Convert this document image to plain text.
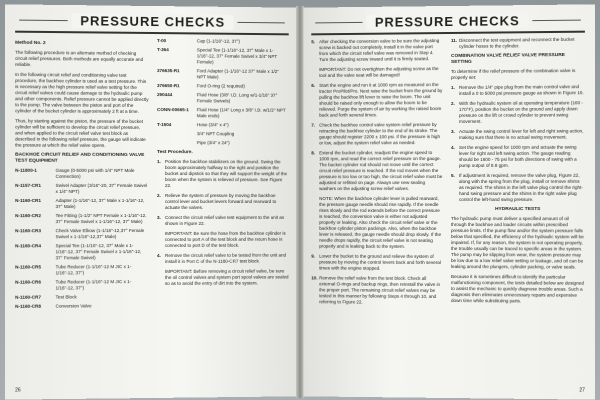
PRESSURE CHECKS
Method No. 2

The following procedure is an alternate method of checking circuit relief pressures. Both methods are equally accurate and reliable.

In the following circuit relief and conditioning valve test procedure, the backhoe cylinder is used as a test pressure. This is necessary as the high pressure relief valve setting for the circuit relief valves could cause damage to the hydraulic pump and other components. Relief pressure cannot be applied directly to the pump. The valve between the piston and port of the cylinder of the bucket cylinder is approximately 2 ft at a time.

Thus, by starting against the piston, the pressure of the bucket cylinder will be sufficient to develop the circuit relief pressure, and when applied to the circuit relief valve test block as described in the following relief pressure, the gauge will indicate the pressure at which the relief valve opens.

BACKHOE CIRCUIT RELIEF AND CONDITIONING VALVE TEST EQUIPMENT
N-11800-1	Gauge (0-5000 psi with 1/4" NPT Male Connection)
N-1157-CR1	Swivel Adapter (3/16"-20, 37° Female Swivel x 1/4" NPT)
N-1160-CR1	Adapter (1-1/16"-12, 37° Male x 1-1/16"-12, 37° Male)
N-1160-CR2	Tee Fitting (1-1/2" NPT Female x 1-1/16"-12, 37° Female Swivel x 1-1/16"-12, 37° Male)
N-1160-CR3	Check Valve Elbow (1-1/16"-12,37° Female Swivel x 1-1/16"-12,37° Male)
N-1160-CR4	Special Tee (1-1/16"-12, 37° Male x 1-1/16"-12, 37° Female Swivel x 1-1/16"-12, 37° Female Swivel)
N-1160-CR5	Tube Reducer (1-1/16"-12 M JIC x 1-1/16"-12, 37°)
N-1160-CR6	Tube Reducer (1-1/16"-12 M JIC x 1-1/16"-12, 37°)
N-1160-CR7	Test Block
N-1160-CR8	Conversion Valve
T-00	Cap (1-1/16"-12, 37°)
T-364	Special Tee (1-1/16"-12, 37° Male x 1-1/16"-12, 37° Female Swivel x 3/4" NPT Female)
376635-R1	Ford Adapter (1-1/16"-12 37° Male x 1/2" NPT Male)
376650-R1	Ford O-ring (2 required)
290444	Fluid Hose (3/8" I.D. Long w/1-1/16" 37° Female Swivels)
CONN-00665-1	Fluid Hose (1/4" Long x 3/8" I.D. w/1/2" NPT Male ends)
T-1504	Hose (3/4" x 4")
3/4" NPT Coupling
Pipe (3/4" x 24")
Test Procedure.
1. Position the backhoe stabilizers on the ground. Swing the boom approximately halfway to the right and position the bucket and dipstick so that they will support the weight of the boom when the system is relieved of pressure. See Figure 22.
2. Relieve the system of pressure by moving the backhoe control lever and bucket levers forward and rearward to actuate the valves.
3. Connect the circuit relief valve test equipment to the unit as shown in Figure 22.
IMPORTANT: Be sure the hose from the backhoe cylinder is connected to port A of the test block and the return hose is connected to port D of the test block.
4. Remove the circuit relief valve to be tested from the unit and install it in Port C of the N-1160-CR7 test block.
IMPORTANT: Before removing a circuit relief valve, be sure the oil control valves and system port spool valves are sealed so as to avoid the entry of dirt into the system.
26
PRESSURE CHECKS
5. After checking the conversion valve to be sure the adjusting screw is backed out completely, install it in the valve port from which the circuit relief valve was removed in Step 4. Turn the adjusting screw inward until it is firmly seated.
IMPORTANT: Do not overtighten the adjusting screw as the tool and the valve seat will be damaged!
6. Start the engine and run it at 1000 rpm as measured on the tractor ProPilot/Pro. Next raise the bucket from the ground by pulling the backhoe lift lever to raise the boom. The unit should be raised only enough to allow the boom to be relieved. Purge the system of air by working the raised boom back and forth several times.
7. Check the backhoe control valve system relief pressure by retracting the backhoe cylinder to the end of its stroke. The gauge should register 2200 ± 100 psi. If the pressure is high or low, adjust the system relief valve as needed.
8. Extend the bucket cylinder, readjust the engine speed to 1000 rpm, and read the correct relief pressure on the gauge. The bucket cylinder rod should not move until the correct circuit relief pressure is reached. If the rod moves when the pressure is too low or too high, the circuit relief valve must be adjusted or refitted on page. Always use new sealing washers on the adjusting screw relief valves.
NOTE: When the backhoe cylinder lever is pulled rearward, the pressure gauge needle should rise rapidly. If the needle rises slowly and the rod extends before the correct pressure is reached, the conversion valve is either not adjusted properly or leaking. Also check the circuit relief valve or the backhoe cylinder piston packings. Also, when the backhoe lever is released, the gauge needle should drop slowly. If the needle drops rapidly, the circuit relief valve is not seating properly and is leaking back to the system.
9. Lower the bucket to the ground and relieve the system of pressure by moving the control levers back and forth several times with the engine stopped.
10. Remove the relief valve from the test block. Check all external O-rings and backup rings, then reinstall the valve in the proper port. The remaining circuit relief valves may be tested in this manner by following Steps 4 through 10, and referring to Figure 22.
11. Disconnect the test equipment and reconnect the bucket cylinder hoses to the cylinder.
COMBINATION VALVE RELIEF VALVE PRESSURE SETTING

To determine if the relief pressure of the combination valve is properly set:

1. Remove the 1/4" pipe plug from the main control valve and install a 0 to 5000 psi pressure gauge as shown in Figure 16.
2. With the hydraulic system oil at operating temperature (160 - 170°F), position the bucket on the ground and apply down pressure on the lift or crowd cylinder to prevent swing movement.
3. Actuate the swing control lever for left and right swing action, making sure that there is no actual swing movement.
4. Set the engine speed for 1000 rpm and actuate the swing lever for right and left swing action. The gauge reading should be 1600 - 75 psi for both directions of swing with a pump output of 8.8 gpm.
5. If adjustment is required, remove the valve plug, Figure 22, along with the spring from the plug, install or remove shims as required. The shims in the left valve plug control the right-hand swing pressure and the shims in the right valve plug control the left-hand swing pressure.
HYDRAULIC TESTS

The hydraulic pump must deliver a specified amount of oil through the backhoe and loader circuits within prescribed pressure limits. If the pump flow and/or the system pressure falls below that specified, the efficiency of the hydraulic system will be impaired. If, for any reason, the system is not operating properly, the trouble usually can be traced to specific areas in the system. The pump may be slipping from wear, the system pressure may be low due to a low relief valve setting or leakage, and oil can be leaking around the plungers, cylinder packing, or valve seals.

Because it is sometimes difficult to identify the particular malfunctioning component, the tests detailed below are designed to assist the mechanic to quickly diagnose trouble areas. Such a diagnosis then eliminates unnecessary repairs and expensive down time while substituting parts.

27
